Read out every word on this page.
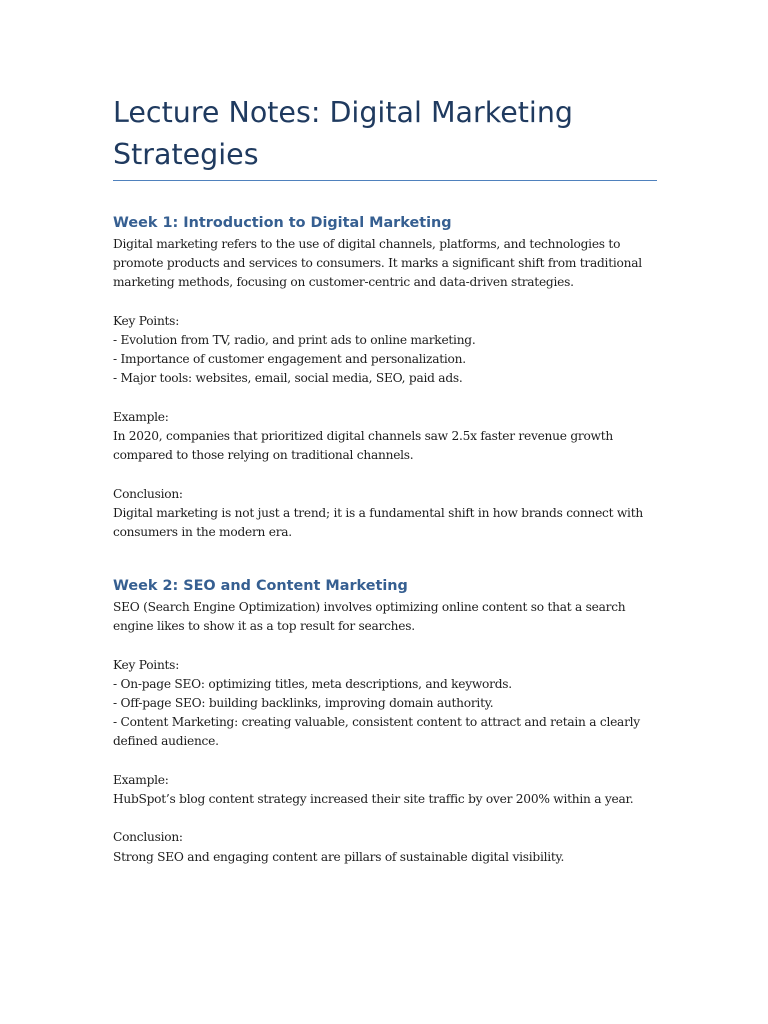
Lecture Notes: Digital Marketing Strategies
Week 1: Introduction to Digital Marketing

Digital marketing refers to the use of digital channels, platforms, and technologies to promote products and services to consumers. It marks a significant shift from traditional marketing methods, focusing on customer-centric and data-driven strategies.

Key Points:

- Evolution from TV, radio, and print ads to online marketing.

- Importance of customer engagement and personalization.

- Major tools: websites, email, social media, SEO, paid ads.

Example:

In 2020, companies that prioritized digital channels saw 2.5x faster revenue growth compared to those relying on traditional channels.

Conclusion:

Digital marketing is not just a trend; it is a fundamental shift in how brands connect with consumers in the modern era.

Week 2: SEO and Content Marketing

SEO (Search Engine Optimization) involves optimizing online content so that a search engine likes to show it as a top result for searches.

Key Points:

- On-page SEO: optimizing titles, meta descriptions, and keywords.

- Off-page SEO: building backlinks, improving domain authority.

- Content Marketing: creating valuable, consistent content to attract and retain a clearly defined audience.

Example:

HubSpot’s blog content strategy increased their site traffic by over 200% within a year.

Conclusion:

Strong SEO and engaging content are pillars of sustainable digital visibility.
